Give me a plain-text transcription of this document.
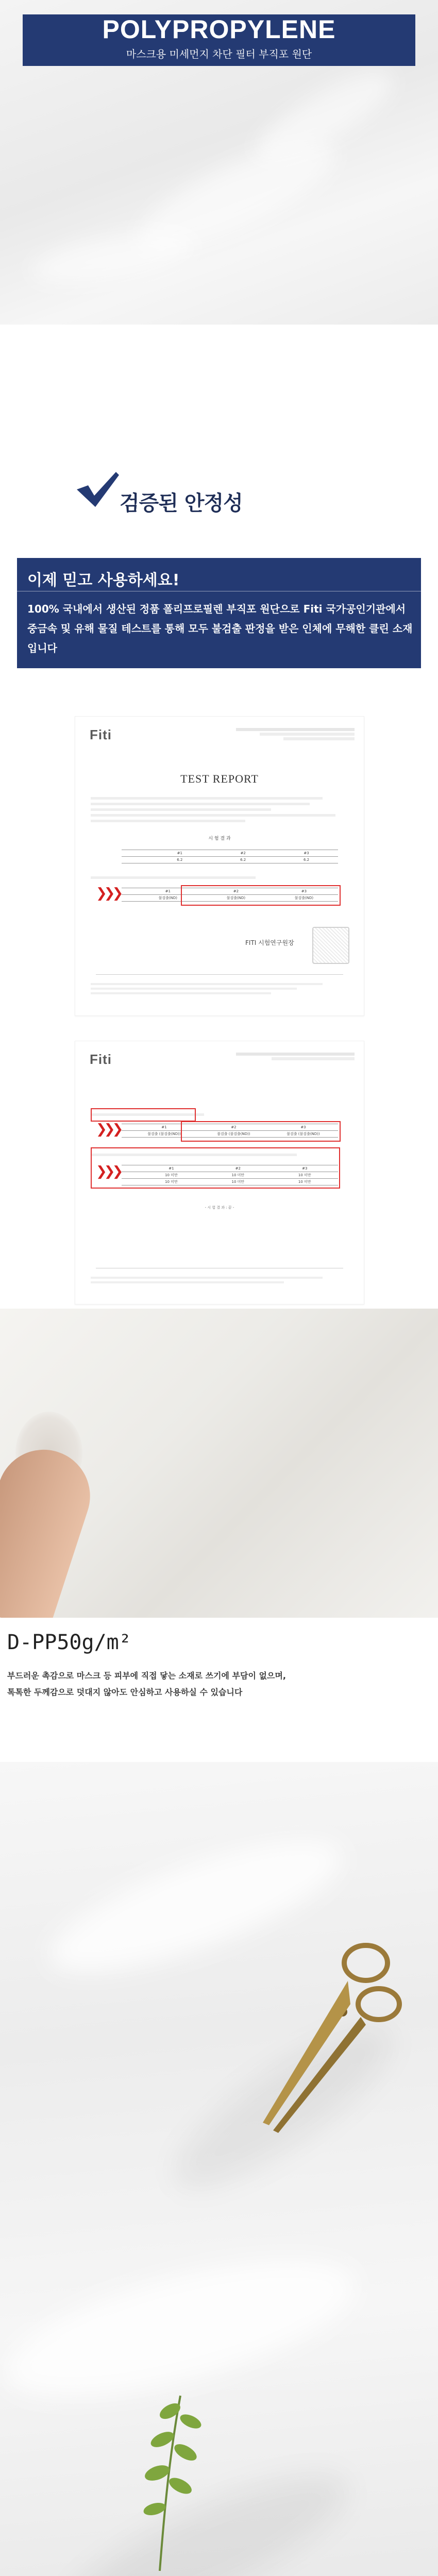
POLYPROPYLENE
마스크용 미세먼지 차단 필터 부직포 원단
검증된 안정성
이제 믿고 사용하세요!
100% 국내에서 생산된 정품 폴리프로필렌 부직포 원단으로 Fiti 국가공인기관에서 중금속 및 유해 물질 테스트를 통해 모두 불검출 판정을 받은 인체에 무해한 클린 소재입니다
Fiti
TEST REPORT
시 험 결 과
	#1	#2	#3
	6.2	6.2	6.2
❯❯❯
		#1	#2	#3
	불검출(ND)	불검출(ND)	불검출(ND)
FITI 시험연구원장
Fiti
❯❯❯
		#1	#2	#3
	불검출 (불검출(ND))	불검출 (불검출(ND))	불검출 (불검출(ND))
❯❯❯
		#1	#2	#3
	10 미만	10 미만	10 미만
	10 미만	10 미만	10 미만
- 시 험 결 과 : 끝 -
D-PP50g/m²
부드러운 촉감으로 마스크 등 피부에 직접 닿는 소재로 쓰기에 부담이 없으며,
톡톡한 두께감으로 덧대지 않아도 안심하고 사용하실 수 있습니다
